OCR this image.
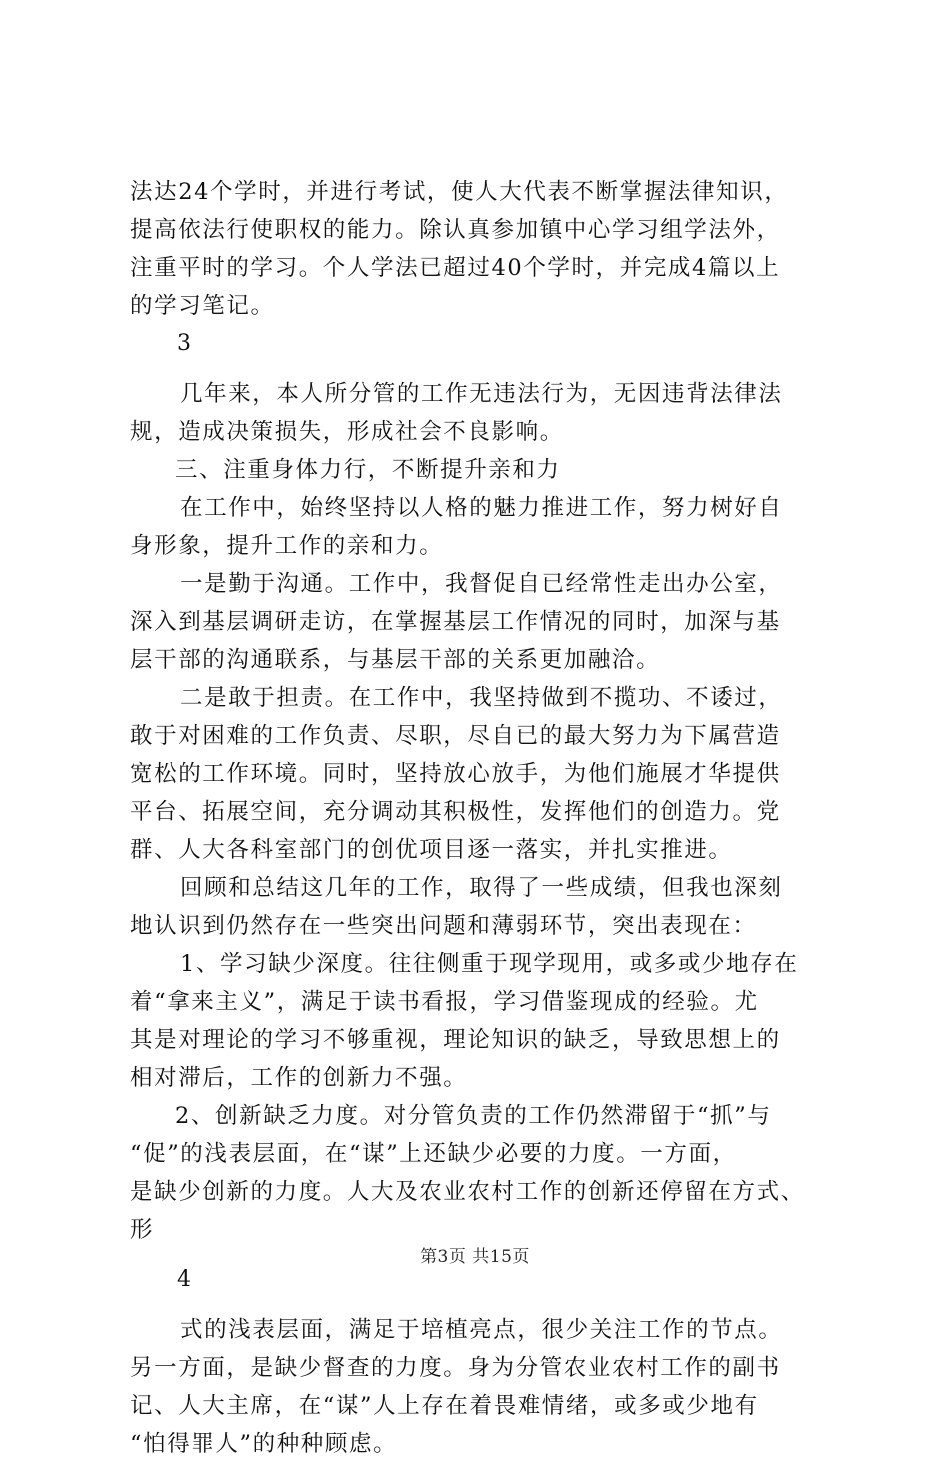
法达24个学时，并进行考试，使人大代表不断掌握法律知识，
提高依法行使职权的能力。除认真参加镇中心学习组学法外，
注重平时的学习。个人学法已超过40个学时，并完成4篇以上
的学习笔记。
3
几年来，本人所分管的工作无违法行为，无因违背法律法
规，造成决策损失，形成社会不良影响。
三、注重身体力行，不断提升亲和力
在工作中，始终坚持以人格的魅力推进工作，努力树好自
身形象，提升工作的亲和力。
一是勤于沟通。工作中，我督促自已经常性走出办公室，
深入到基层调研走访，在掌握基层工作情况的同时，加深与基
层干部的沟通联系，与基层干部的关系更加融洽。
二是敢于担责。在工作中，我坚持做到不揽功、不诿过，
敢于对困难的工作负责、尽职，尽自已的最大努力为下属营造
宽松的工作环境。同时，坚持放心放手，为他们施展才华提供
平台、拓展空间，充分调动其积极性，发挥他们的创造力。党
群、人大各科室部门的创优项目逐一落实，并扎实推进。
回顾和总结这几年的工作，取得了一些成绩，但我也深刻
地认识到仍然存在一些突出问题和薄弱环节，突出表现在：
1、学习缺少深度。往往侧重于现学现用，或多或少地存在
着“拿来主义”，满足于读书看报，学习借鉴现成的经验。尤
其是对理论的学习不够重视，理论知识的缺乏，导致思想上的
相对滞后，工作的创新力不强。
2、创新缺乏力度。对分管负责的工作仍然滞留于“抓”与
“促”的浅表层面，在“谋”上还缺少必要的力度。一方面，
是缺少创新的力度。人大及农业农村工作的创新还停留在方式、
形
4
式的浅表层面，满足于培植亮点，很少关注工作的节点。
另一方面，是缺少督查的力度。身为分管农业农村工作的副书
记、人大主席，在“谋”人上存在着畏难情绪，或多或少地有
“怕得罪人”的种种顾虑。
第3页 共15页
